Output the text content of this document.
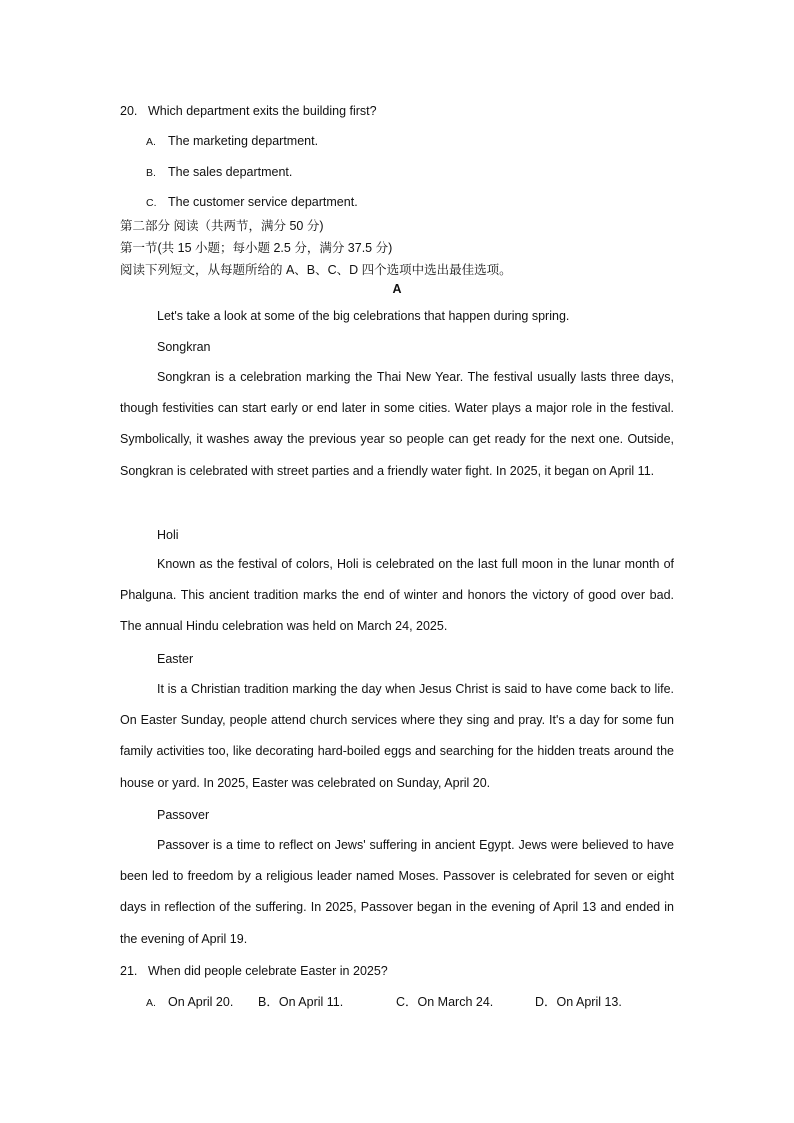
20. Which department exits the building first?
A. The marketing department.
B. The sales department.
C. The customer service department.
第二部分 阅读（共两节，满分 50 分)
第一节(共 15 小题；每小题 2.5 分，满分 37.5 分)
阅读下列短文，从每题所给的 A、B、C、D 四个选项中选出最佳选项。
A
Let's take a look at some of the big celebrations that happen during spring.
Songkran
Songkran is a celebration marking the Thai New Year. The festival usually lasts three days, though festivities can start early or end later in some cities. Water plays a major role in the festival. Symbolically, it washes away the previous year so people can get ready for the next one. Outside, Songkran is celebrated with street parties and a friendly water fight. In 2025, it began on April 11.
Holi
Known as the festival of colors, Holi is celebrated on the last full moon in the lunar month of Phalguna. This ancient tradition marks the end of winter and honors the victory of good over bad. The annual Hindu celebration was held on March 24, 2025.
Easter
It is a Christian tradition marking the day when Jesus Christ is said to have come back to life. On Easter Sunday, people attend church services where they sing and pray. It's a day for some fun family activities too, like decorating hard-boiled eggs and searching for the hidden treats around the house or yard. In 2025, Easter was celebrated on Sunday, April 20.
Passover
Passover is a time to reflect on Jews' suffering in ancient Egypt. Jews were believed to have been led to freedom by a religious leader named Moses. Passover is celebrated for seven or eight days in reflection of the suffering. In 2025, Passover began in the evening of April 13 and ended in the evening of April 19.
21. When did people celebrate Easter in 2025?
A. On April 20. B．On April 11.	C．On March 24.	D．On April 13.
